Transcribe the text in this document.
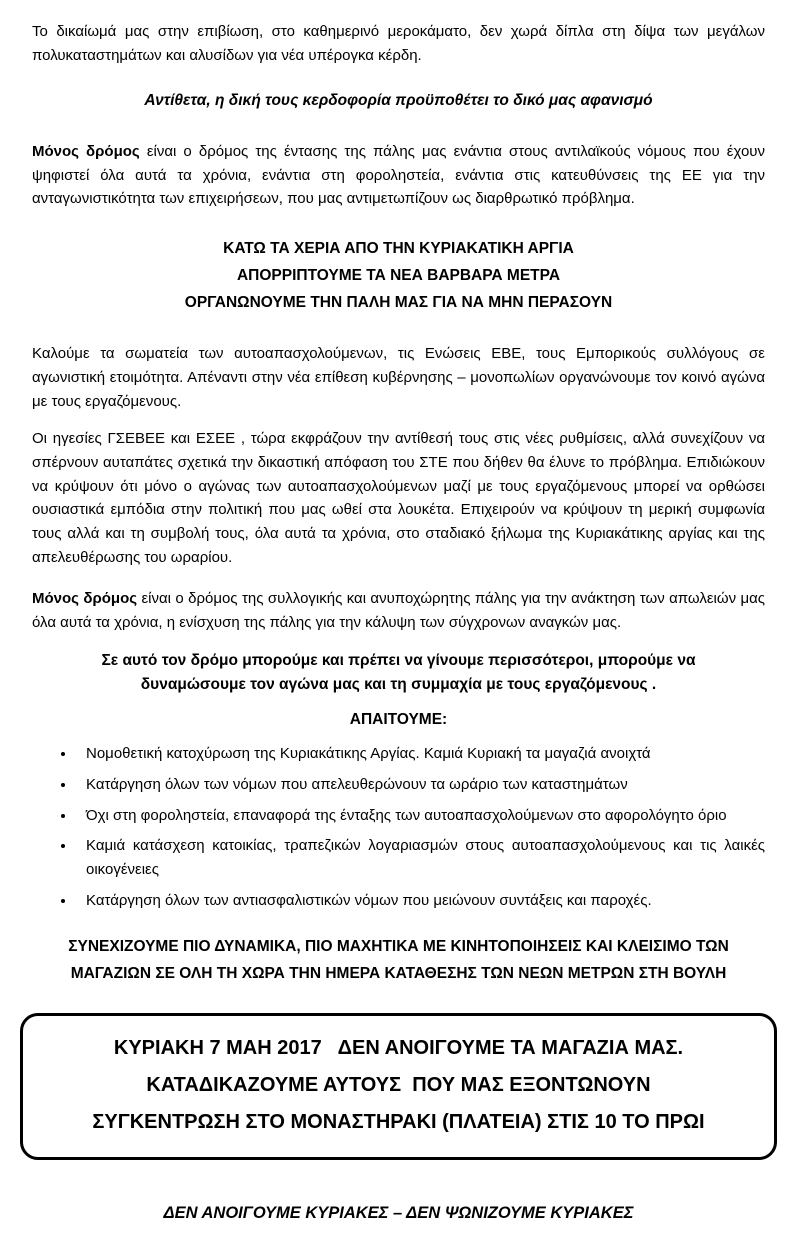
Το δικαίωμά μας στην επιβίωση, στο καθημερινό μεροκάματο, δεν χωρά δίπλα στη δίψα των μεγάλων πολυκαταστημάτων και αλυσίδων για νέα υπέρογκα κέρδη.

Αντίθετα, η δική τους κερδοφορία προϋποθέτει το δικό μας αφανισμό

Μόνος δρόμος είναι ο δρόμος της έντασης της πάλης μας ενάντια στους αντιλαϊκούς νόμους που έχουν ψηφιστεί όλα αυτά τα χρόνια, ενάντια στη φοροληστεία, ενάντια στις κατευθύνσεις της ΕΕ για την ανταγωνιστικότητα των επιχειρήσεων, που μας αντιμετωπίζουν ως διαρθρωτικό πρόβλημα.

ΚΑΤΩ ΤΑ ΧΕΡΙΑ ΑΠΟ ΤΗΝ ΚΥΡΙΑΚΑΤΙΚΗ ΑΡΓΙΑ

ΑΠΟΡΡΙΠΤΟΥΜΕ ΤΑ ΝΕΑ ΒΑΡΒΑΡΑ ΜΕΤΡΑ

ΟΡΓΑΝΩΝΟΥΜΕ ΤΗΝ ΠΑΛΗ ΜΑΣ ΓΙΑ ΝΑ ΜΗΝ ΠΕΡΑΣΟΥΝ

Καλούμε τα σωματεία των αυτοαπασχολούμενων, τις Ενώσεις ΕΒΕ, τους Εμπορικούς συλλόγους σε αγωνιστική ετοιμότητα. Απέναντι στην νέα επίθεση κυβέρνησης – μονοπωλίων οργανώνουμε τον κοινό αγώνα με τους εργαζόμενους.

Οι ηγεσίες ΓΣΕΒΕΕ και ΕΣΕΕ , τώρα εκφράζουν την αντίθεσή τους στις νέες ρυθμίσεις, αλλά συνεχίζουν να σπέρνουν αυταπάτες σχετικά την δικαστική απόφαση του ΣΤΕ που δήθεν θα έλυνε το πρόβλημα. Επιδιώκουν να κρύψουν ότι μόνο ο αγώνας των αυτοαπασχολούμενων μαζί με τους εργαζόμενους μπορεί να ορθώσει ουσιαστικά εμπόδια στην πολιτική που μας ωθεί στα λουκέτα. Επιχειρούν να κρύψουν τη μερική συμφωνία τους αλλά και τη συμβολή τους, όλα αυτά τα χρόνια, στο σταδιακό ξήλωμα της Κυριακάτικης αργίας και της απελευθέρωσης του ωραρίου.

Μόνος δρόμος είναι ο δρόμος της συλλογικής και ανυποχώρητης πάλης για την ανάκτηση των απωλειών μας όλα αυτά τα χρόνια, η ενίσχυση της πάλης για την κάλυψη των σύγχρονων αναγκών μας.

Σε αυτό τον δρόμο μπορούμε και πρέπει να γίνουμε περισσότεροι, μπορούμε να δυναμώσουμε τον αγώνα μας και τη συμμαχία με τους εργαζόμενους .

ΑΠΑΙΤΟΥΜΕ:

• Νομοθετική κατοχύρωση της Κυριακάτικης Αργίας. Καμιά Κυριακή τα μαγαζιά ανοιχτά
• Κατάργηση όλων των νόμων που απελευθερώνουν τα ωράριο των καταστημάτων
• Όχι στη φοροληστεία, επαναφορά της ένταξης των αυτοαπασχολούμενων στο αφορολόγητο όριο
• Καμιά κατάσχεση κατοικίας, τραπεζικών λογαριασμών στους αυτοαπασχολούμενους και τις λαικές οικογένειες
• Κατάργηση όλων των αντιασφαλιστικών νόμων που μειώνουν συντάξεις και παροχές.

ΣΥΝΕΧΙΖΟΥΜΕ ΠΙΟ ΔΥΝΑΜΙΚΑ, ΠΙΟ ΜΑΧΗΤΙΚΑ ΜΕ ΚΙΝΗΤΟΠΟΙΗΣΕΙΣ ΚΑΙ ΚΛΕΙΣΙΜΟ ΤΩΝ ΜΑΓΑΖΙΩΝ ΣΕ ΟΛΗ ΤΗ ΧΩΡΑ ΤΗΝ ΗΜΕΡΑ ΚΑΤΑΘΕΣΗΣ ΤΩΝ ΝΕΩΝ ΜΕΤΡΩΝ ΣΤΗ ΒΟΥΛΗ

ΚΥΡΙΑΚΗ 7 ΜΑΗ 2017   ΔΕΝ ΑΝΟΙΓΟΥΜΕ ΤΑ ΜΑΓΑΖΙΑ ΜΑΣ.

ΚΑΤΑΔΙΚΑΖΟΥΜΕ ΑΥΤΟΥΣ  ΠΟΥ ΜΑΣ ΕΞΟΝΤΩΝΟΥΝ

ΣΥΓΚΕΝΤΡΩΣΗ ΣΤΟ ΜΟΝΑΣΤΗΡΑΚΙ (ΠΛΑΤΕΙΑ) ΣΤΙΣ 10 ΤΟ ΠΡΩΙ

ΔΕΝ ΑΝΟΙΓΟΥΜΕ ΚΥΡΙΑΚΕΣ – ΔΕΝ ΨΩΝΙΖΟΥΜΕ ΚΥΡΙΑΚΕΣ
